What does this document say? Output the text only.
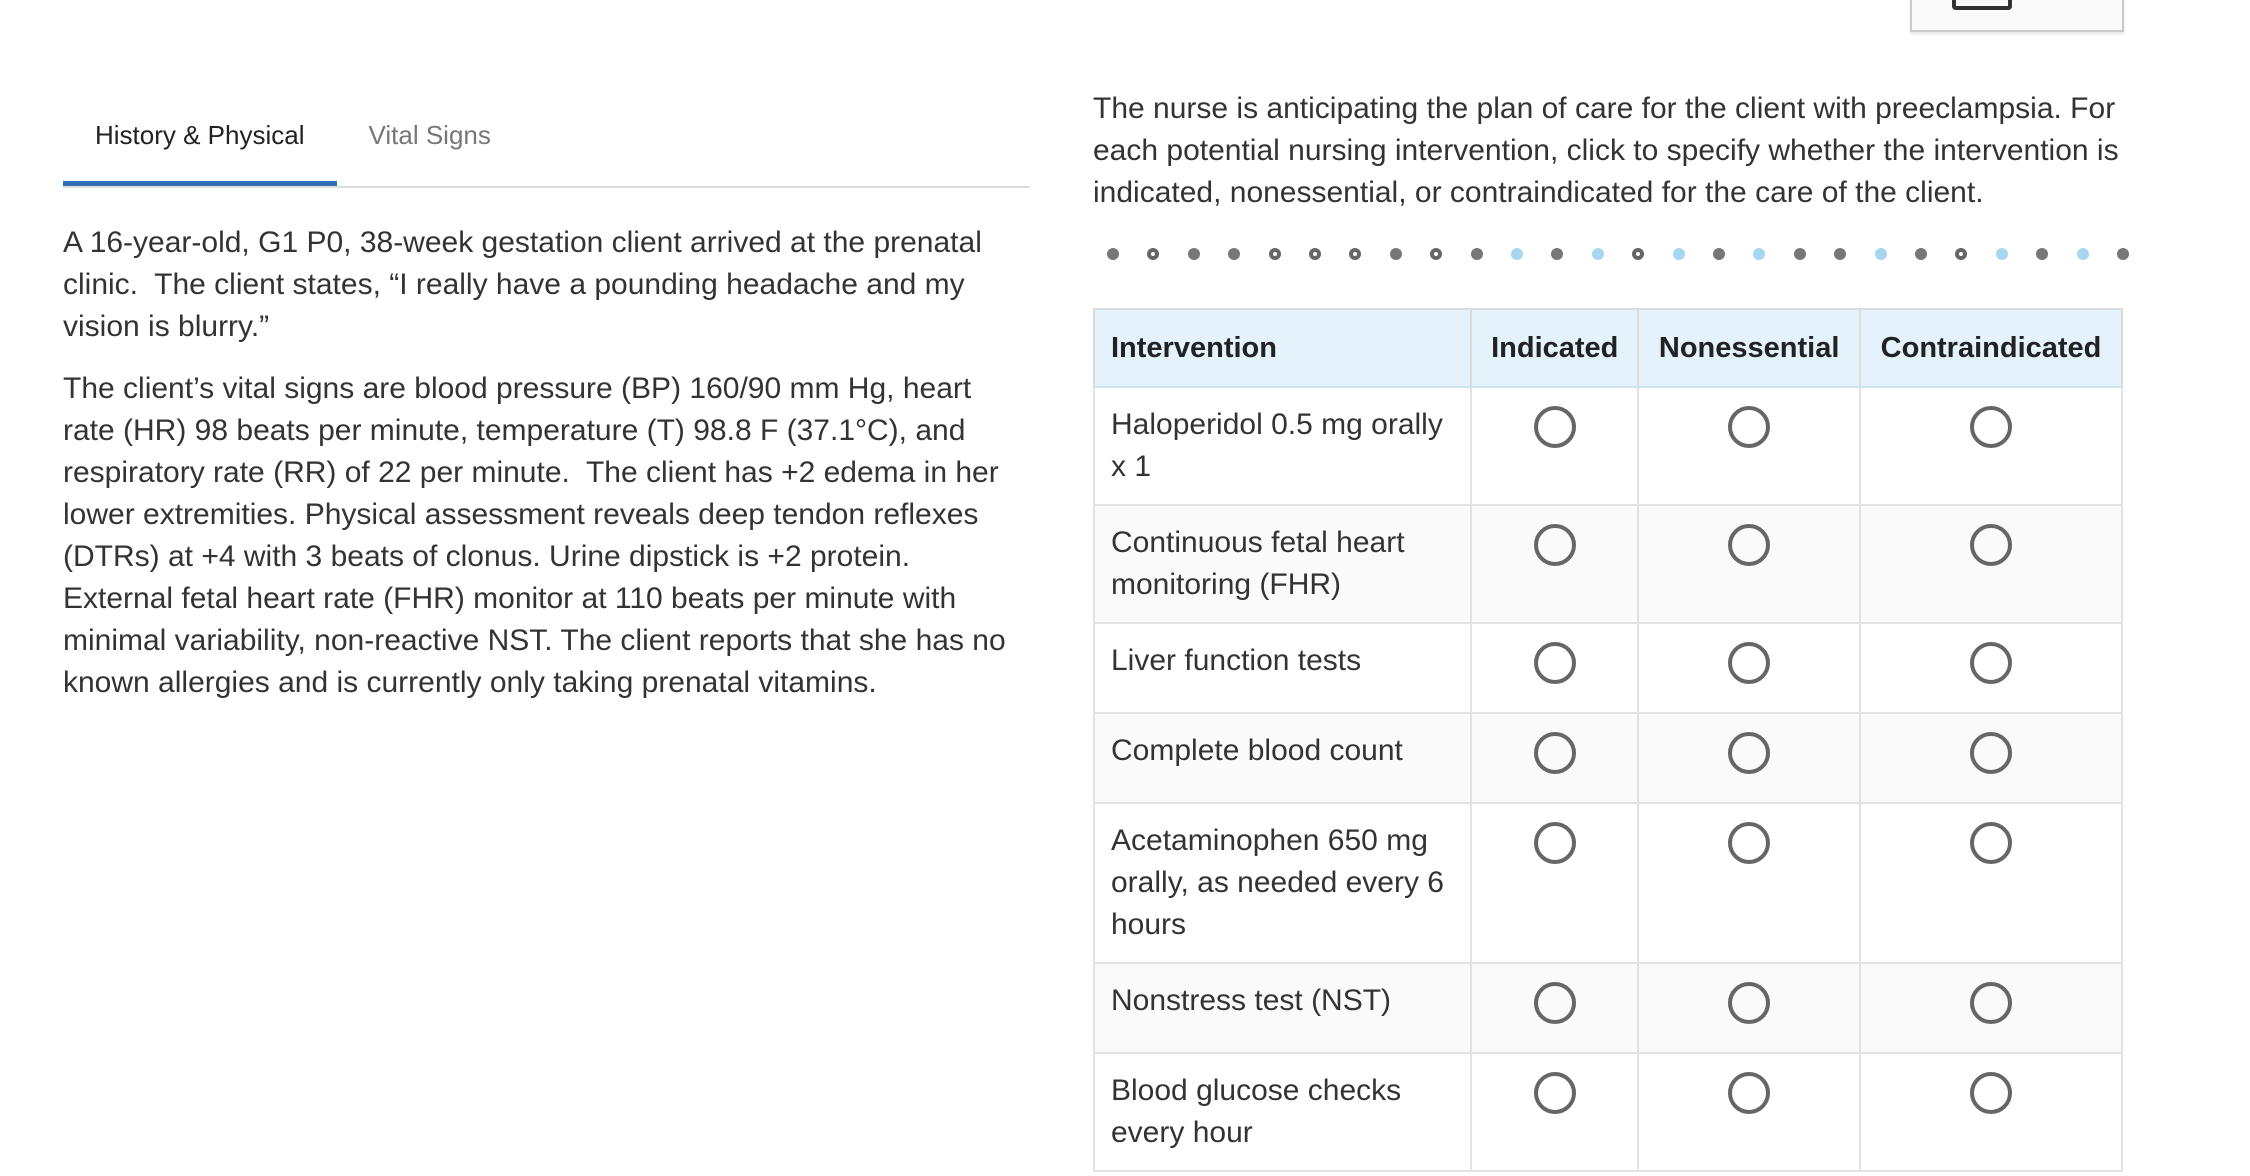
History & Physical	Vital Signs

A 16-year-old, G1 P0, 38-week gestation client arrived at the prenatal clinic.  The client states, “I really have a pounding headache and my vision is blurry.”

The client’s vital signs are blood pressure (BP) 160/90 mm Hg, heart rate (HR) 98 beats per minute, temperature (T) 98.8 F (37.1°C), and respiratory rate (RR) of 22 per minute.  The client has +2 edema in her lower extremities. Physical assessment reveals deep tendon reflexes (DTRs) at +4 with 3 beats of clonus. Urine dipstick is +2 protein.  External fetal heart rate (FHR) monitor at 110 beats per minute with minimal variability, non-reactive NST. The client reports that she has no known allergies and is currently only taking prenatal vitamins.

The nurse is anticipating the plan of care for the client with preeclampsia. For each potential nursing intervention, click to specify whether the intervention is indicated, nonessential, or contraindicated for the care of the client.

Intervention	Indicated	Nonessential	Contraindicated
Haloperidol 0.5 mg orally x 1			
Continuous fetal heart monitoring (FHR)			
Liver function tests			
Complete blood count			
Acetaminophen 650 mg orally, as needed every 6 hours			
Nonstress test (NST)			
Blood glucose checks every hour			
